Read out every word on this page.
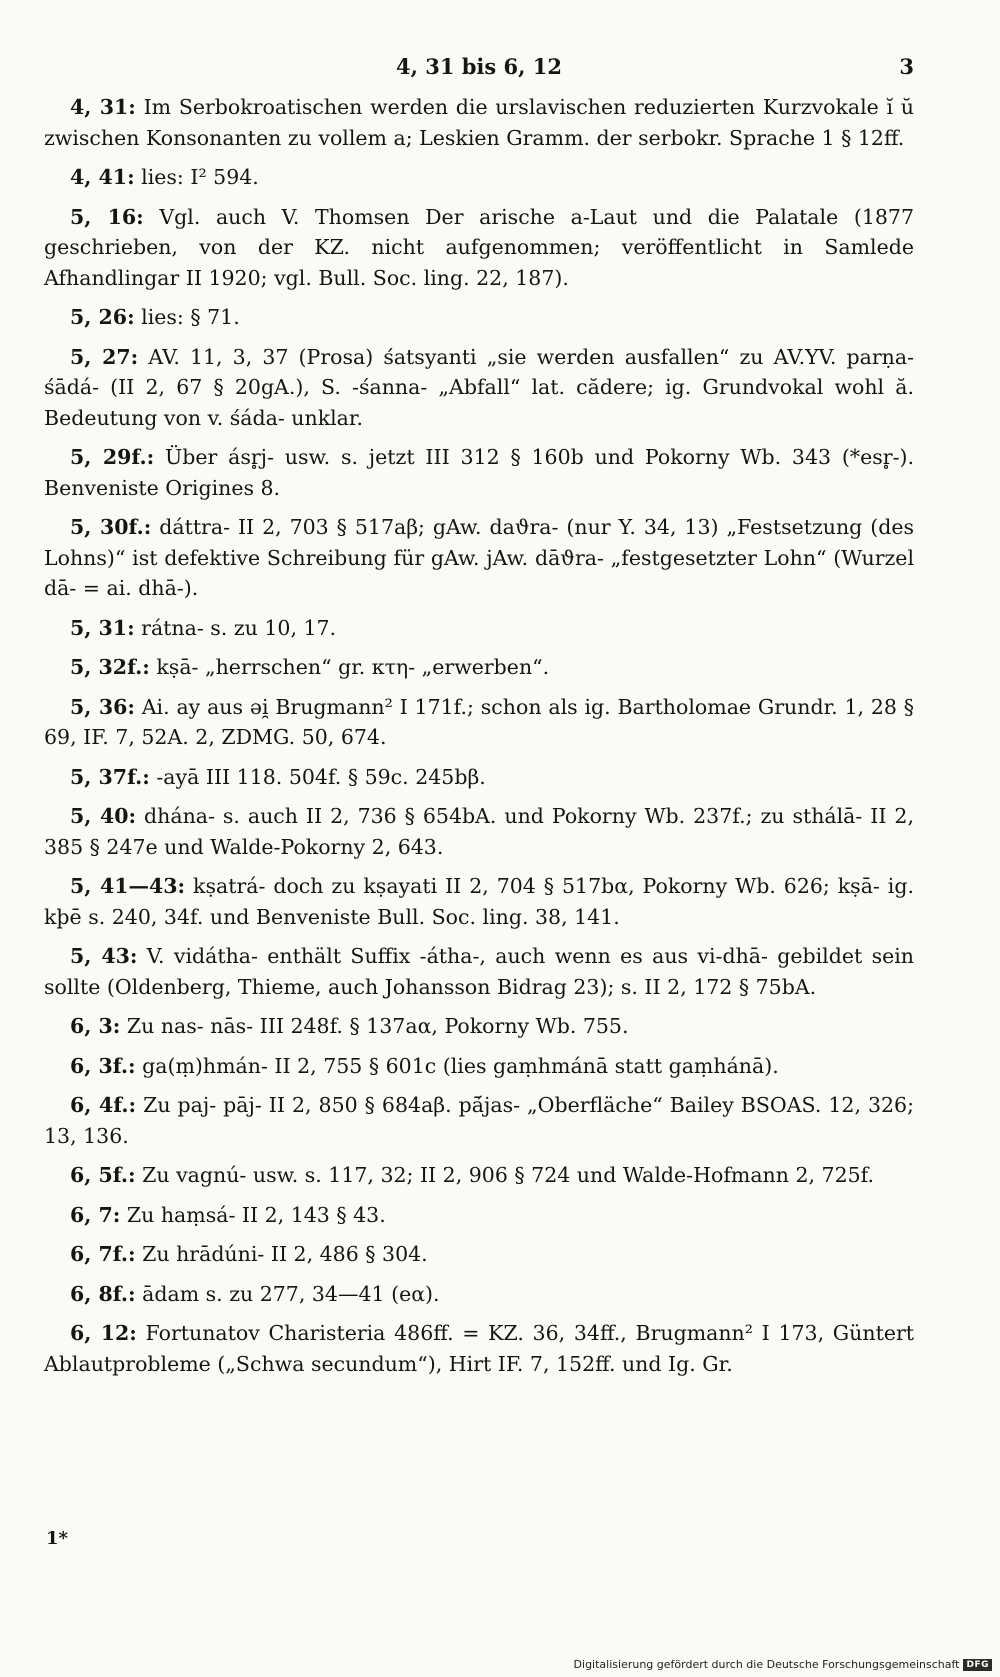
4, 31 bis 6, 12	3

4, 31: Im Serbokroatischen werden die urslavischen reduzierten Kurzvokale ĭ ŭ zwischen Konsonanten zu vollem a; Leskien Gramm. der serbokr. Sprache 1 § 12ff.

4, 41: lies: I² 594.

5, 16: Vgl. auch V. Thomsen Der arische a-Laut und die Palatale (1877 geschrieben, von der KZ. nicht aufgenommen; veröffentlicht in Samlede Afhandlingar II 1920; vgl. Bull. Soc. ling. 22, 187).

5, 26: lies: § 71.

5, 27: AV. 11, 3, 37 (Prosa) śatsyanti „sie werden ausfallen“ zu AV.YV. parṇa-śādá- (II 2, 67 § 20gA.), S. -śanna- „Abfall“ lat. cădere; ig. Grundvokal wohl ă. Bedeutung von v. śáda- unklar.

5, 29f.: Über ásr̥j- usw. s. jetzt III 312 § 160b und Pokorny Wb. 343 (*esr̥-). Benveniste Origines 8.

5, 30f.: dáttra- II 2, 703 § 517aβ; gAw. daϑra- (nur Y. 34, 13) „Festsetzung (des Lohns)“ ist defektive Schreibung für gAw. jAw. dāϑra- „festgesetzter Lohn“ (Wurzel dā- = ai. dhā-).

5, 31: rátna- s. zu 10, 17.

5, 32f.: kṣā- „herrschen“ gr. κτη- „erwerben“.

5, 36: Ai. ay aus əi̯ Brugmann² I 171f.; schon als ig. Bartholomae Grundr. 1, 28 § 69, IF. 7, 52A. 2, ZDMG. 50, 674.

5, 37f.: -ayā III 118. 504f. § 59c. 245bβ.

5, 40: dhána- s. auch II 2, 736 § 654bA. und Pokorny Wb. 237f.; zu sthálā- II 2, 385 § 247e und Walde-Pokorny 2, 643.

5, 41—43: kṣatrá- doch zu kṣayati II 2, 704 § 517bα, Pokorny Wb. 626; kṣā- ig. kþē s. 240, 34f. und Benveniste Bull. Soc. ling. 38, 141.

5, 43: V. vidátha- enthält Suffix -átha-, auch wenn es aus vi-dhā- gebildet sein sollte (Oldenberg, Thieme, auch Johansson Bidrag 23); s. II 2, 172 § 75bA.

6, 3: Zu nas- nās- III 248f. § 137aα, Pokorny Wb. 755.

6, 3f.: ga(ṃ)hmán- II 2, 755 § 601c (lies gaṃhmánā statt gaṃhánā).

6, 4f.: Zu paj- pāj- II 2, 850 § 684aβ. pā́jas- „Oberfläche“ Bailey BSOAS. 12, 326; 13, 136.

6, 5f.: Zu vagnú- usw. s. 117, 32; II 2, 906 § 724 und Walde-Hofmann 2, 725f.

6, 7: Zu haṃsá- II 2, 143 § 43.

6, 7f.: Zu hrādúni- II 2, 486 § 304.

6, 8f.: ādam s. zu 277, 34—41 (eα).

6, 12: Fortunatov Charisteria 486ff. = KZ. 36, 34ff., Brugmann² I 173, Güntert Ablautprobleme („Schwa secundum“), Hirt IF. 7, 152ff. und Ig. Gr.

1*
Digitalisierung gefördert durch die Deutsche Forschungsgemeinschaft DFG
